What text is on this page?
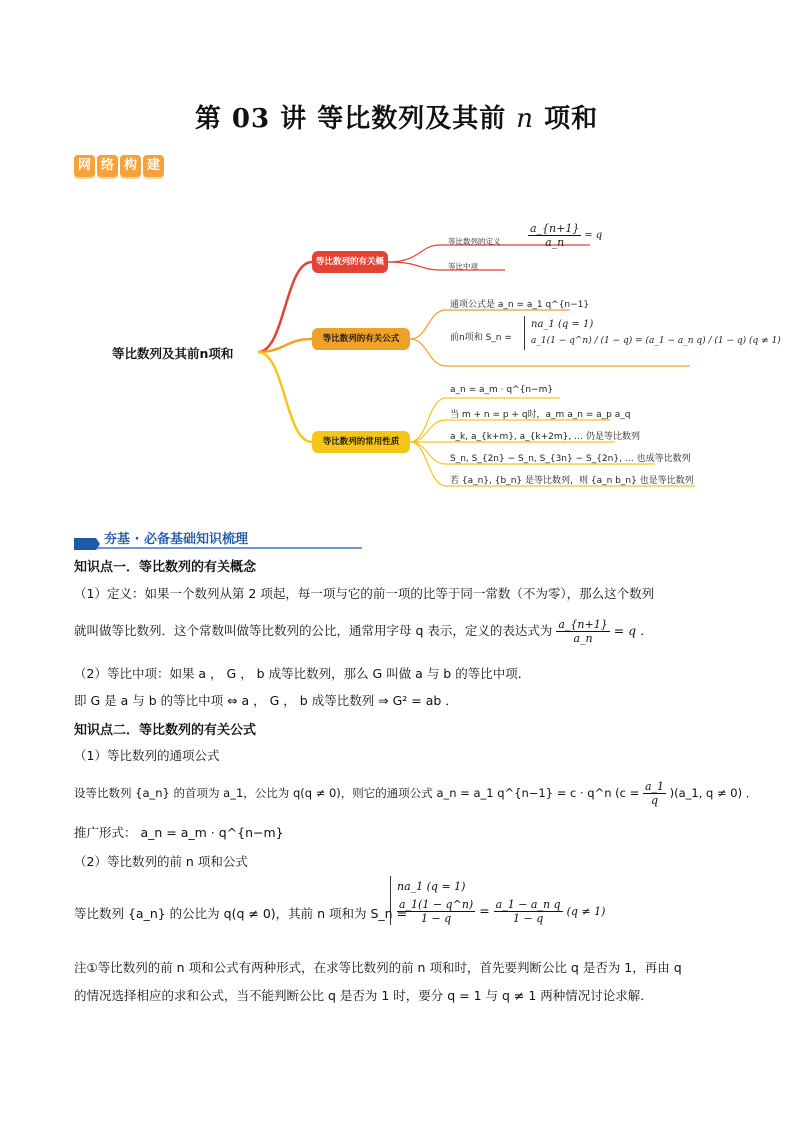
第 03 讲 等比数列及其前 n 项和
网 络 构 建
等比数列及其前n项和
等比数列的有关概念
等比数列的有关公式
等比数列的常用性质
等比数列的定义
等比中项
$\frac{a\_\{n+1\}}{a\_n} = q$
通项公式是 a_n = a_1 q^{n−1}
前n项和 S_n =
na_1 (q = 1)
a_1(1 − q^n) / (1 − q) = (a_1 − a_n q) / (1 − q) (q ≠ 1)
a_n = a_m · q^{n−m}
当 m + n = p + q时，a_m a_n = a_p a_q
a_k, a_{k+m}, a_{k+2m}, … 仍是等比数列
S_n, S_{2n} − S_n, S_{3n} − S_{2n}, … 也成等比数列
若 {a_n}, {b_n} 是等比数列，则 {a_n b_n} 也是等比数列
夯基 · 必备基础知识梳理
知识点一．等比数列的有关概念
（1）定义：如果一个数列从第 2 项起，每一项与它的前一项的比等于同一常数（不为零），那么这个数列
就叫做等比数列．这个常数叫做等比数列的公比，通常用字母 q 表示，定义的表达式为 $\frac{a\_\{n+1\}}{a\_n} = q$ ．
（2）等比中项：如果 a ， G ， b 成等比数列，那么 G 叫做 a 与 b 的等比中项．
即 G 是 a 与 b 的等比中项 ⇔ a ， G ， b 成等比数列 ⇒ G² = ab ．
知识点二．等比数列的有关公式
（1）等比数列的通项公式
设等比数列 {a_n} 的首项为 a_1，公比为 q(q ≠ 0)，则它的通项公式 a_n = a_1 q^{n−1} = c · q^n ($c = \frac{a\_1}{q}$ )(a_1, q ≠ 0) ．
推广形式： a_n = a_m · q^{n−m}
（2）等比数列的前 n 项和公式
等比数列 {a_n} 的公比为 q(q ≠ 0)，其前 n 项和为 S_n =
na_1 (q = 1)
$\frac{a\_1(1 - q\^{}n)}{1 - q} = \frac{\text{a\_1 − a\_n q}}{1 - q} (q \ne 1)$
注①等比数列的前 n 项和公式有两种形式，在求等比数列的前 n 项和时，首先要判断公比 q 是否为 1，再由 q
的情况选择相应的求和公式，当不能判断公比 q 是否为 1 时，要分 q = 1 与 q ≠ 1 两种情况讨论求解．
